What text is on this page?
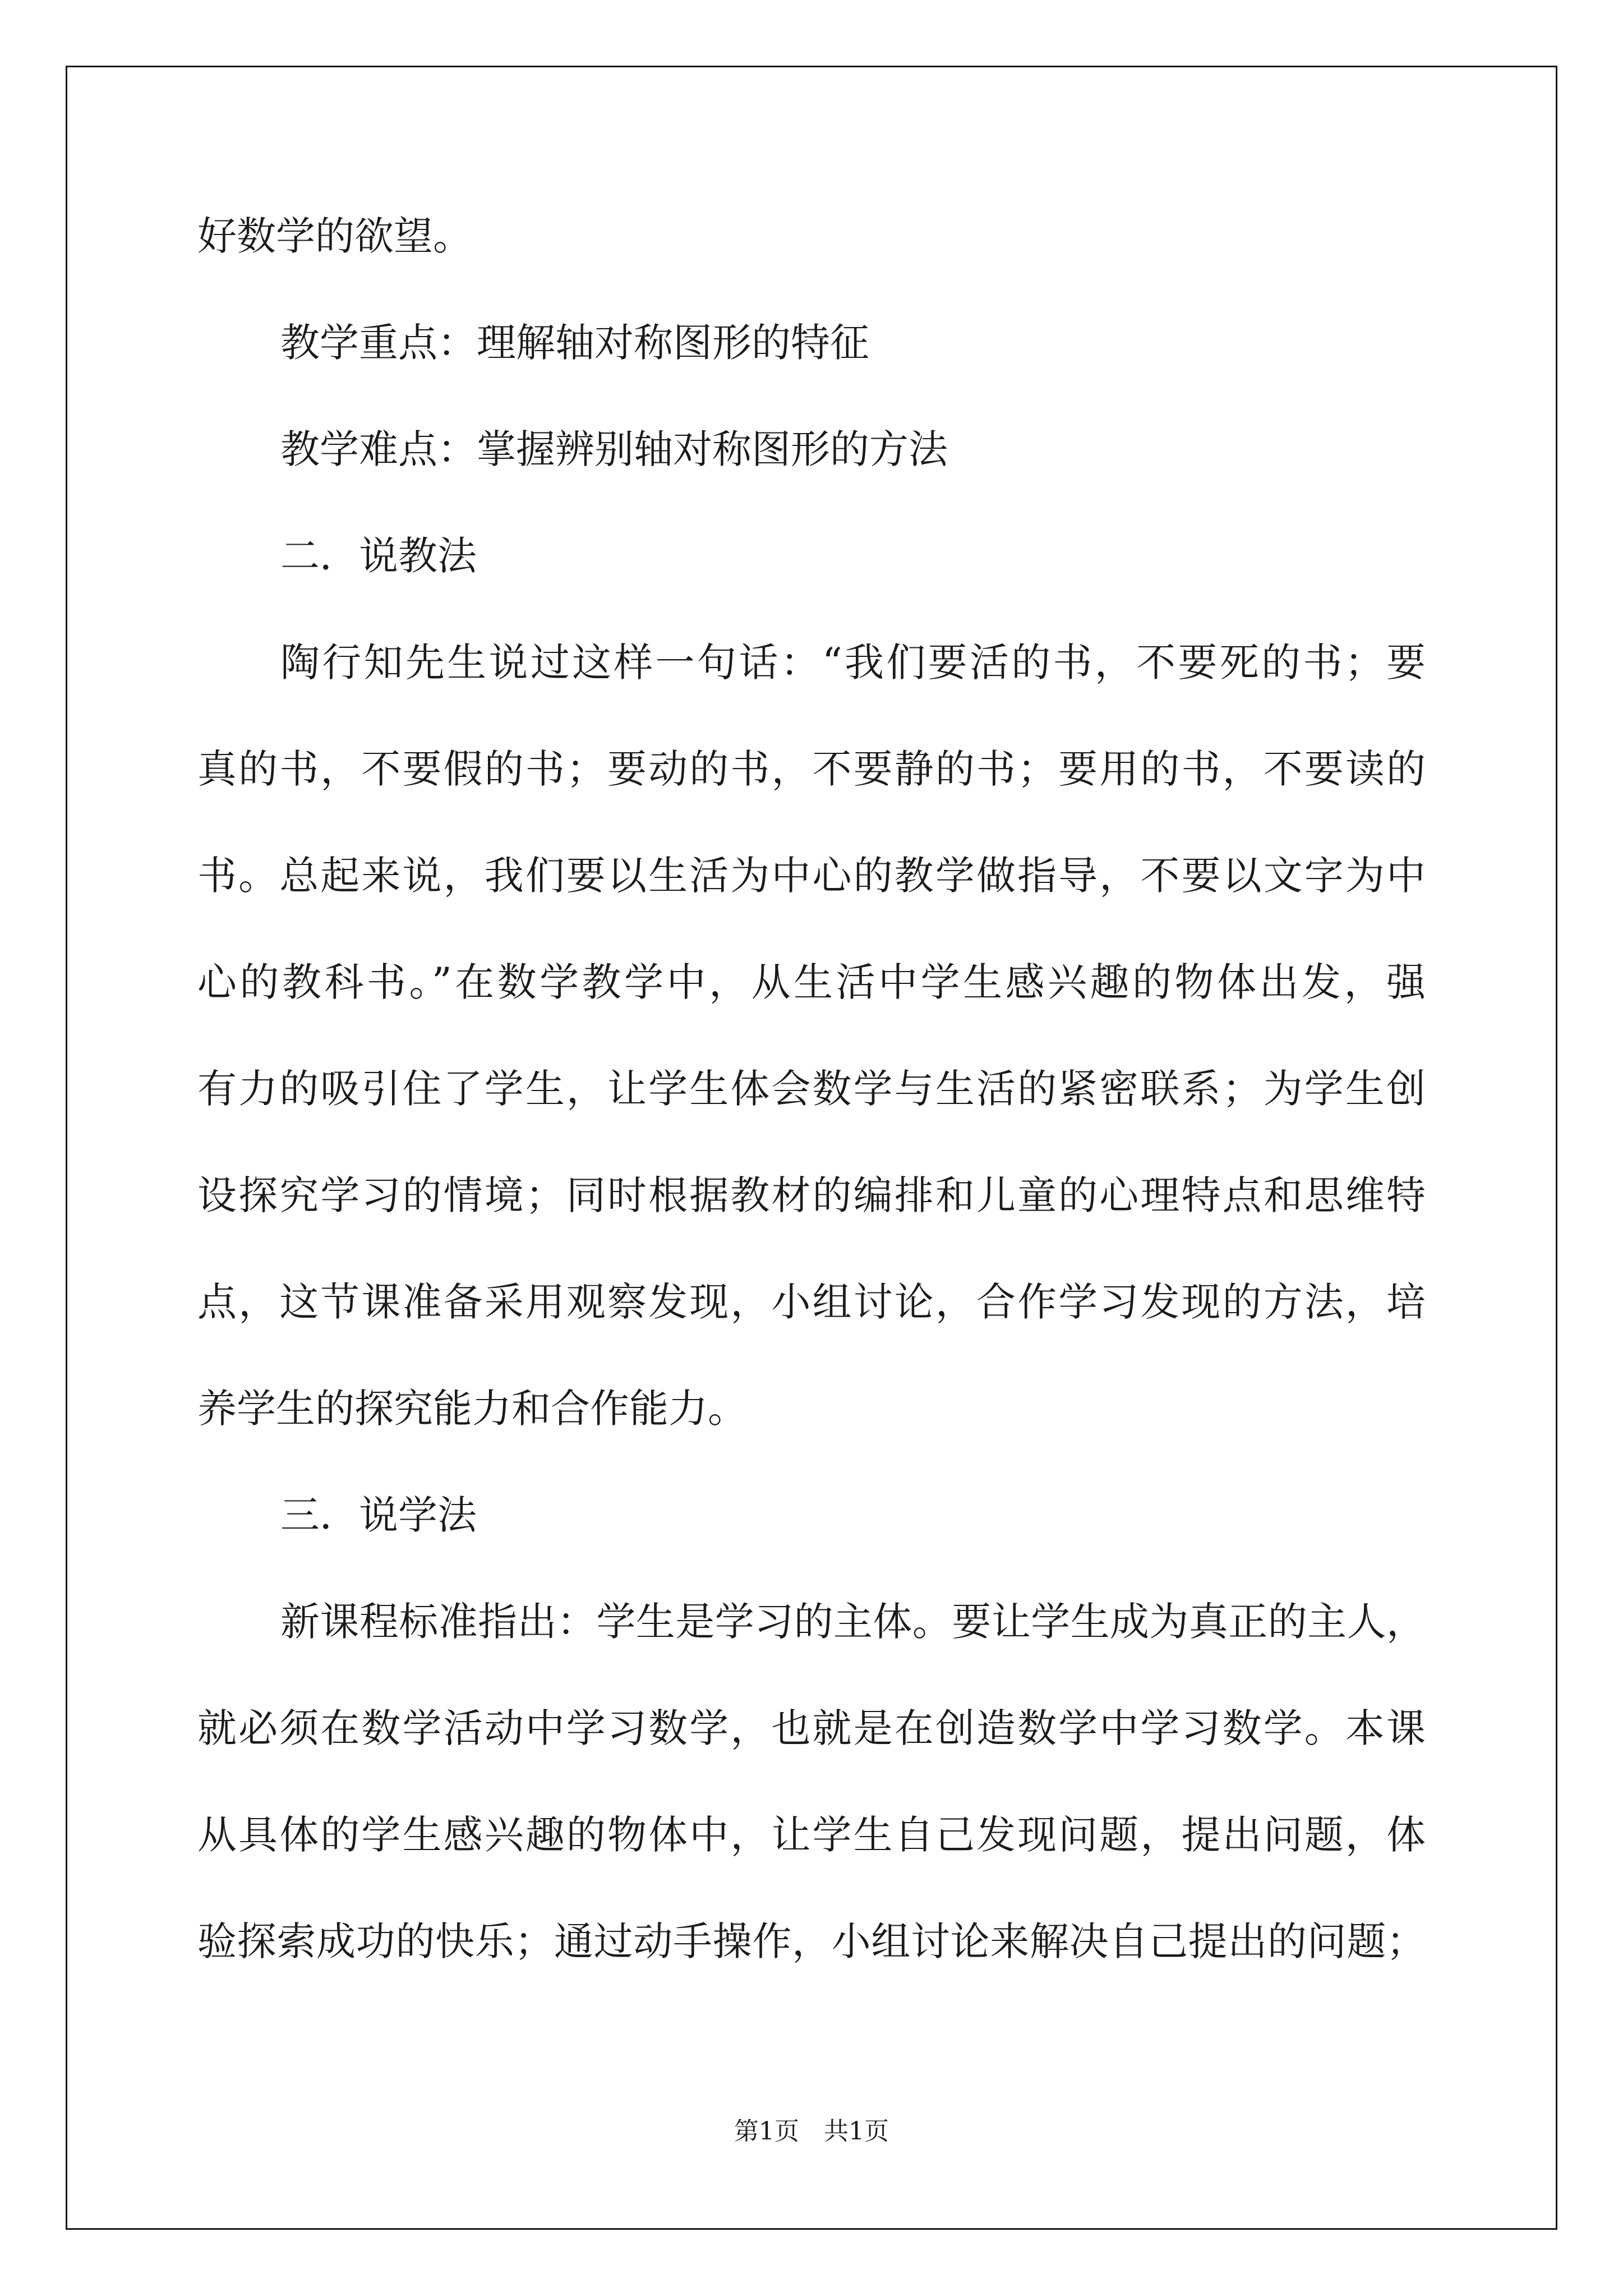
好数学的欲望。
教学重点：理解轴对称图形的特征
教学难点：掌握辨别轴对称图形的方法
二．说教法
陶行知先生说过这样一句话：“我们要活的书，不要死的书；要
真的书，不要假的书；要动的书，不要静的书；要用的书，不要读的
书。总起来说，我们要以生活为中心的教学做指导，不要以文字为中
心的教科书。”在数学教学中，从生活中学生感兴趣的物体出发，强
有力的吸引住了学生，让学生体会数学与生活的紧密联系；为学生创
设探究学习的情境；同时根据教材的编排和儿童的心理特点和思维特
点，这节课准备采用观察发现，小组讨论，合作学习发现的方法，培
养学生的探究能力和合作能力。
三．说学法
新课程标准指出：学生是学习的主体。要让学生成为真正的主人，
就必须在数学活动中学习数学，也就是在创造数学中学习数学。本课
从具体的学生感兴趣的物体中，让学生自己发现问题，提出问题，体
验探索成功的快乐；通过动手操作，小组讨论来解决自己提出的问题；
第1页　共1页
